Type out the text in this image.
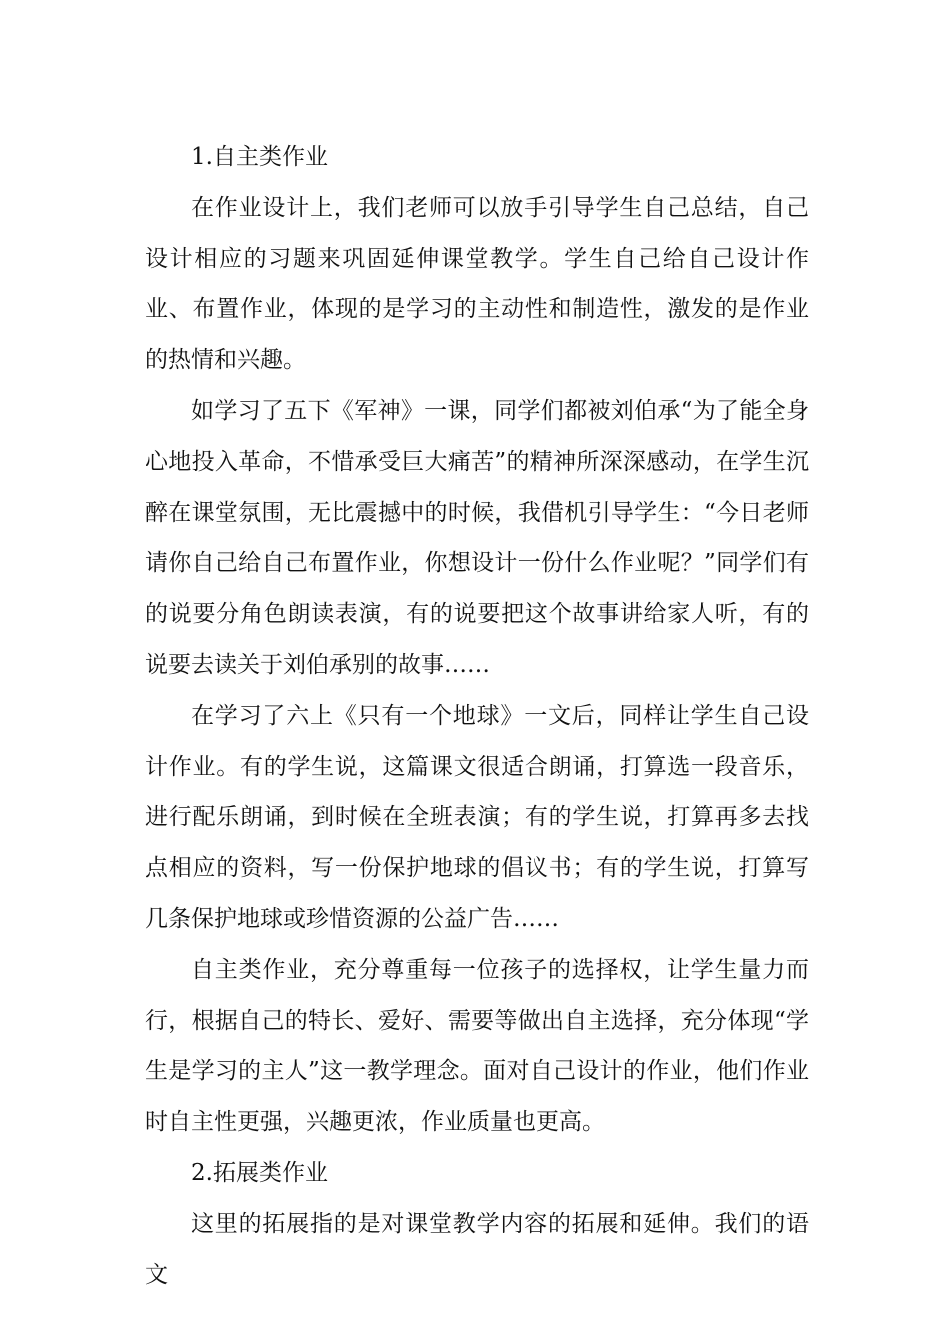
1.自主类作业

在作业设计上，我们老师可以放手引导学生自己总结，自己设计相应的习题来巩固延伸课堂教学。学生自己给自己设计作业、布置作业，体现的是学习的主动性和制造性，激发的是作业的热情和兴趣。

如学习了五下《军神》一课，同学们都被刘伯承“为了能全身心地投入革命，不惜承受巨大痛苦”的精神所深深感动，在学生沉醉在课堂氛围，无比震撼中的时候，我借机引导学生：“今日老师请你自己给自己布置作业，你想设计一份什么作业呢？”同学们有的说要分角色朗读表演，有的说要把这个故事讲给家人听，有的说要去读关于刘伯承别的故事……

在学习了六上《只有一个地球》一文后，同样让学生自己设计作业。有的学生说，这篇课文很适合朗诵，打算选一段音乐，进行配乐朗诵，到时候在全班表演；有的学生说，打算再多去找点相应的资料，写一份保护地球的倡议书；有的学生说，打算写几条保护地球或珍惜资源的公益广告……

自主类作业，充分尊重每一位孩子的选择权，让学生量力而行，根据自己的特长、爱好、需要等做出自主选择，充分体现“学生是学习的主人”这一教学理念。面对自己设计的作业，他们作业时自主性更强，兴趣更浓，作业质量也更高。

2.拓展类作业

这里的拓展指的是对课堂教学内容的拓展和延伸。我们的语文
